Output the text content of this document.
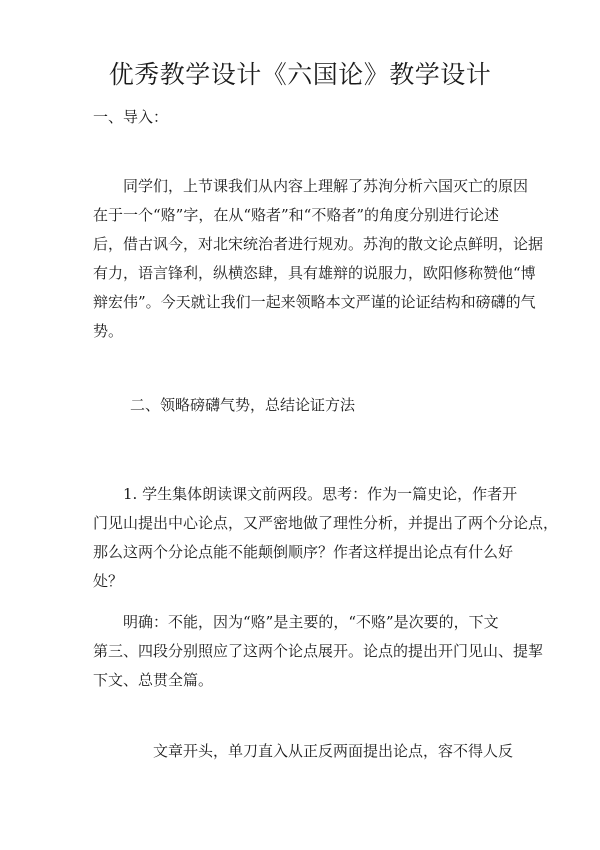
优秀教学设计《六国论》教学设计
一、导入：
　　同学们，上节课我们从内容上理解了苏洵分析六国灭亡的原因
在于一个“赂”字，在从“赂者”和“不赂者”的角度分别进行论述
后，借古讽今，对北宋统治者进行规劝。苏洵的散文论点鲜明，论据
有力，语言锋利，纵横恣肆，具有雄辩的说服力，欧阳修称赞他“博
辩宏伟”。今天就让我们一起来领略本文严谨的论证结构和磅礴的气
势。
二、领略磅礴气势，总结论证方法
　　1. 学生集体朗读课文前两段。思考：作为一篇史论，作者开
门见山提出中心论点，又严密地做了理性分析，并提出了两个分论点，
那么这两个分论点能不能颠倒顺序？作者这样提出论点有什么好
处？
　　明确：不能，因为“赂”是主要的，“不赂”是次要的，下文
第三、四段分别照应了这两个论点展开。论点的提出开门见山、提挈
下文、总贯全篇。
　　　　文章开头，单刀直入从正反两面提出论点，容不得人反
